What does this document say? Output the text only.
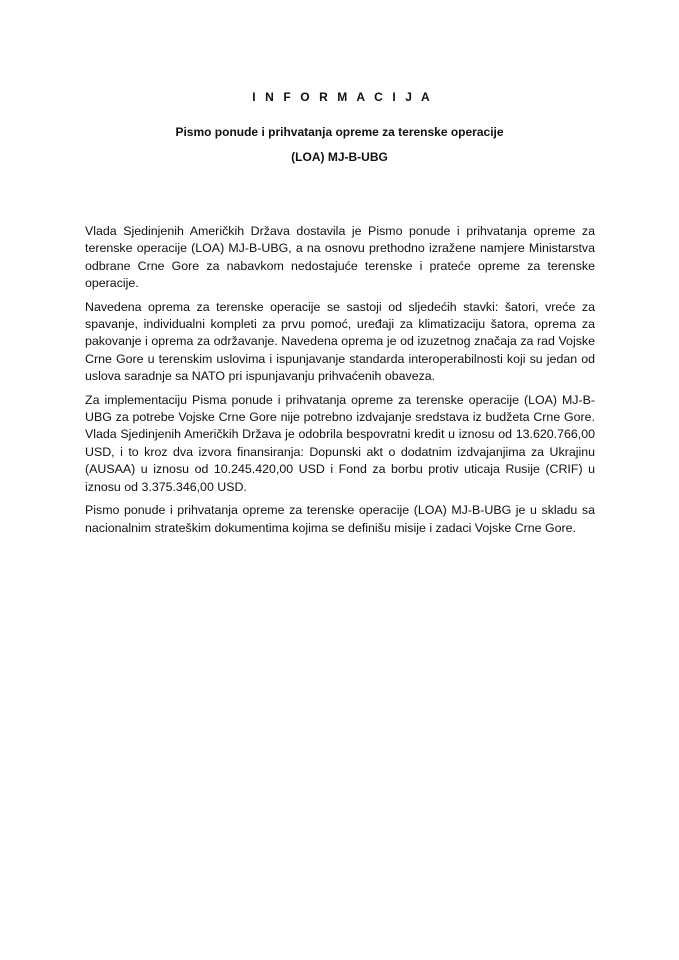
I N F O R M A C I J A
Pismo ponude i prihvatanja opreme za terenske operacije
(LOA) MJ-B-UBG

Vlada Sjedinjenih Američkih Država dostavila je Pismo ponude i prihvatanja opreme za terenske operacije (LOA) MJ-B-UBG, a na osnovu prethodno izražene namjere Ministarstva odbrane Crne Gore za nabavkom nedostajuće terenske i prateće opreme za terenske operacije.

Navedena oprema za terenske operacije se sastoji od sljedećih stavki: šatori, vreće za spavanje, individualni kompleti za prvu pomoć, uređaji za klimatizaciju šatora, oprema za pakovanje i oprema za održavanje. Navedena oprema je od izuzetnog značaja za rad Vojske Crne Gore u terenskim uslovima i ispunjavanje standarda interoperabilnosti koji su jedan od uslova saradnje sa NATO pri ispunjavanju prihvaćenih obaveza.

Za implementaciju Pisma ponude i prihvatanja opreme za terenske operacije (LOA) MJ-B-UBG za potrebe Vojske Crne Gore nije potrebno izdvajanje sredstava iz budžeta Crne Gore. Vlada Sjedinjenih Američkih Država je odobrila bespovratni kredit u iznosu od 13.620.766,00 USD, i to kroz dva izvora finansiranja: Dopunski akt o dodatnim izdvajanjima za Ukrajinu (AUSAA) u iznosu od 10.245.420,00 USD i Fond za borbu protiv uticaja Rusije (CRIF) u iznosu od 3.375.346,00 USD.

Pismo ponude i prihvatanja opreme za terenske operacije (LOA) MJ-B-UBG je u skladu sa nacionalnim strateškim dokumentima kojima se definišu misije i zadaci Vojske Crne Gore.
